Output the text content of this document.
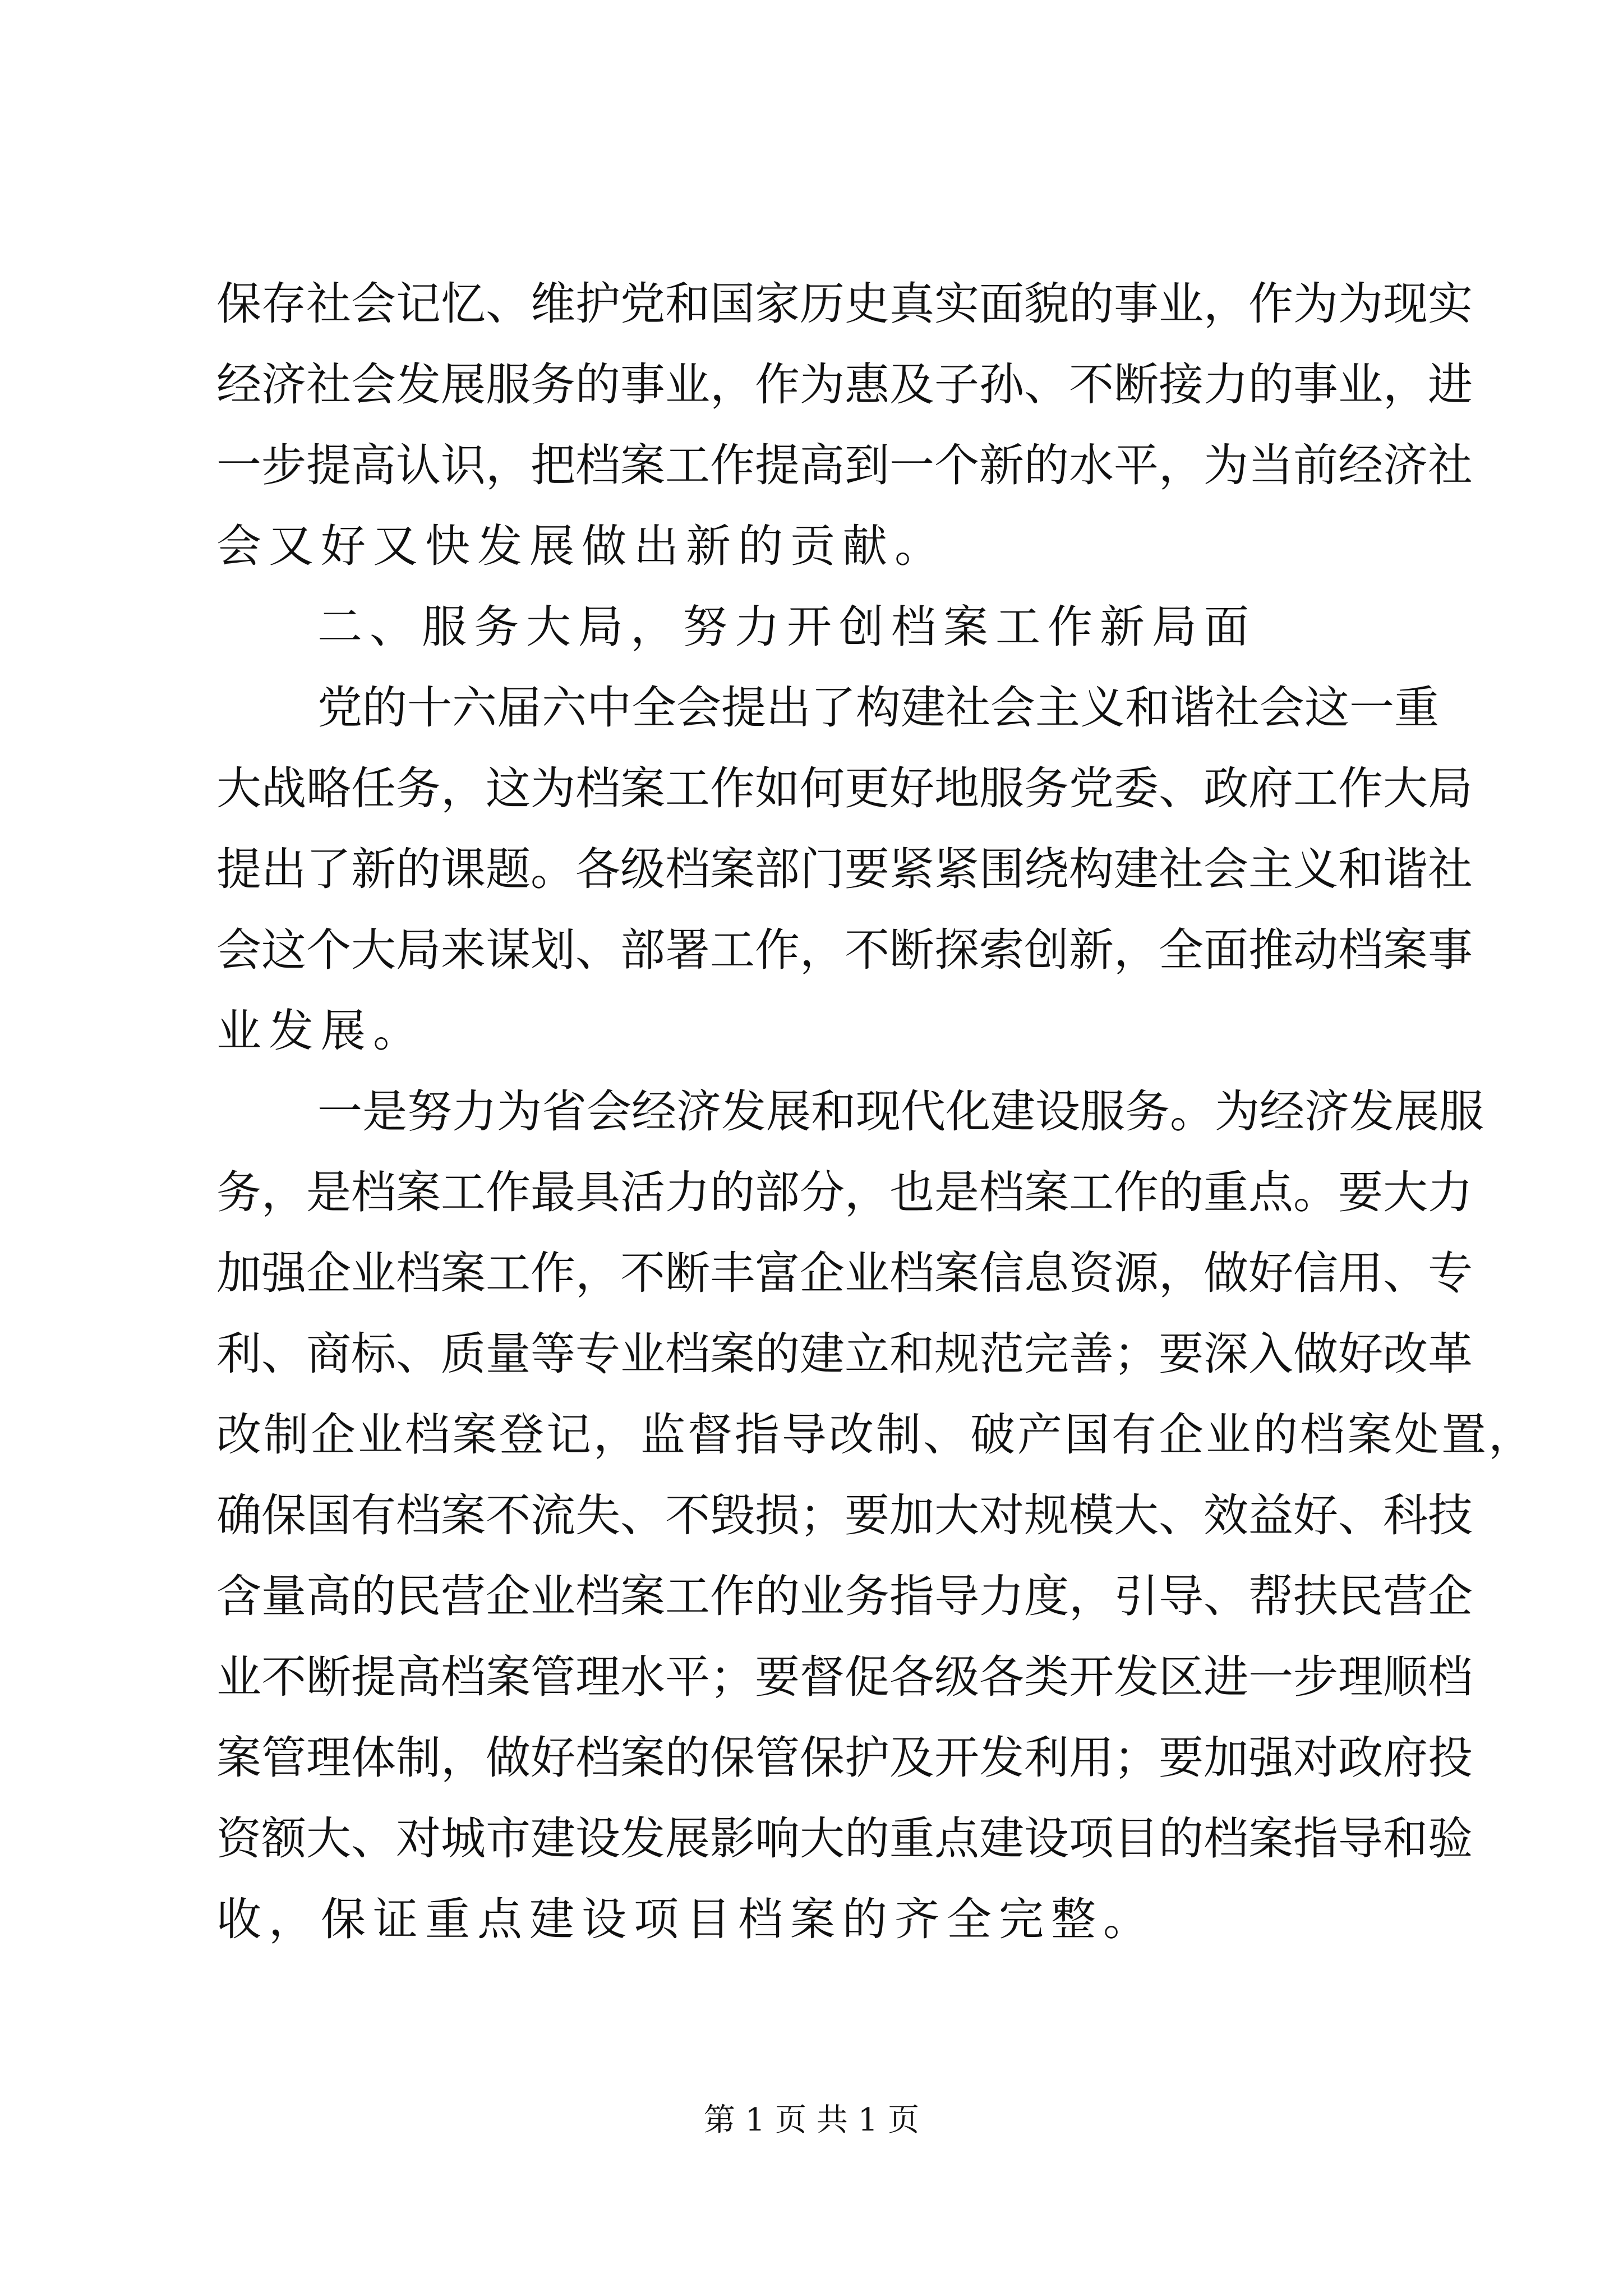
保存社会记忆、维护党和国家历史真实面貌的事业，作为为现实
经济社会发展服务的事业，作为惠及子孙、不断接力的事业，进
一步提高认识，把档案工作提高到一个新的水平，为当前经济社
会又好又快发展做出新的贡献。
二、服务大局，努力开创档案工作新局面
党的十六届六中全会提出了构建社会主义和谐社会这一重
大战略任务，这为档案工作如何更好地服务党委、政府工作大局
提出了新的课题。各级档案部门要紧紧围绕构建社会主义和谐社
会这个大局来谋划、部署工作，不断探索创新，全面推动档案事
业发展。
一是努力为省会经济发展和现代化建设服务。为经济发展服
务，是档案工作最具活力的部分，也是档案工作的重点。要大力
加强企业档案工作，不断丰富企业档案信息资源，做好信用、专
利、商标、质量等专业档案的建立和规范完善；要深入做好改革
改制企业档案登记，监督指导改制、破产国有企业的档案处置，
确保国有档案不流失、不毁损；要加大对规模大、效益好、科技
含量高的民营企业档案工作的业务指导力度，引导、帮扶民营企
业不断提高档案管理水平；要督促各级各类开发区进一步理顺档
案管理体制，做好档案的保管保护及开发利用；要加强对政府投
资额大、对城市建设发展影响大的重点建设项目的档案指导和验
收，保证重点建设项目档案的齐全完整。
第 1 页 共 1 页
